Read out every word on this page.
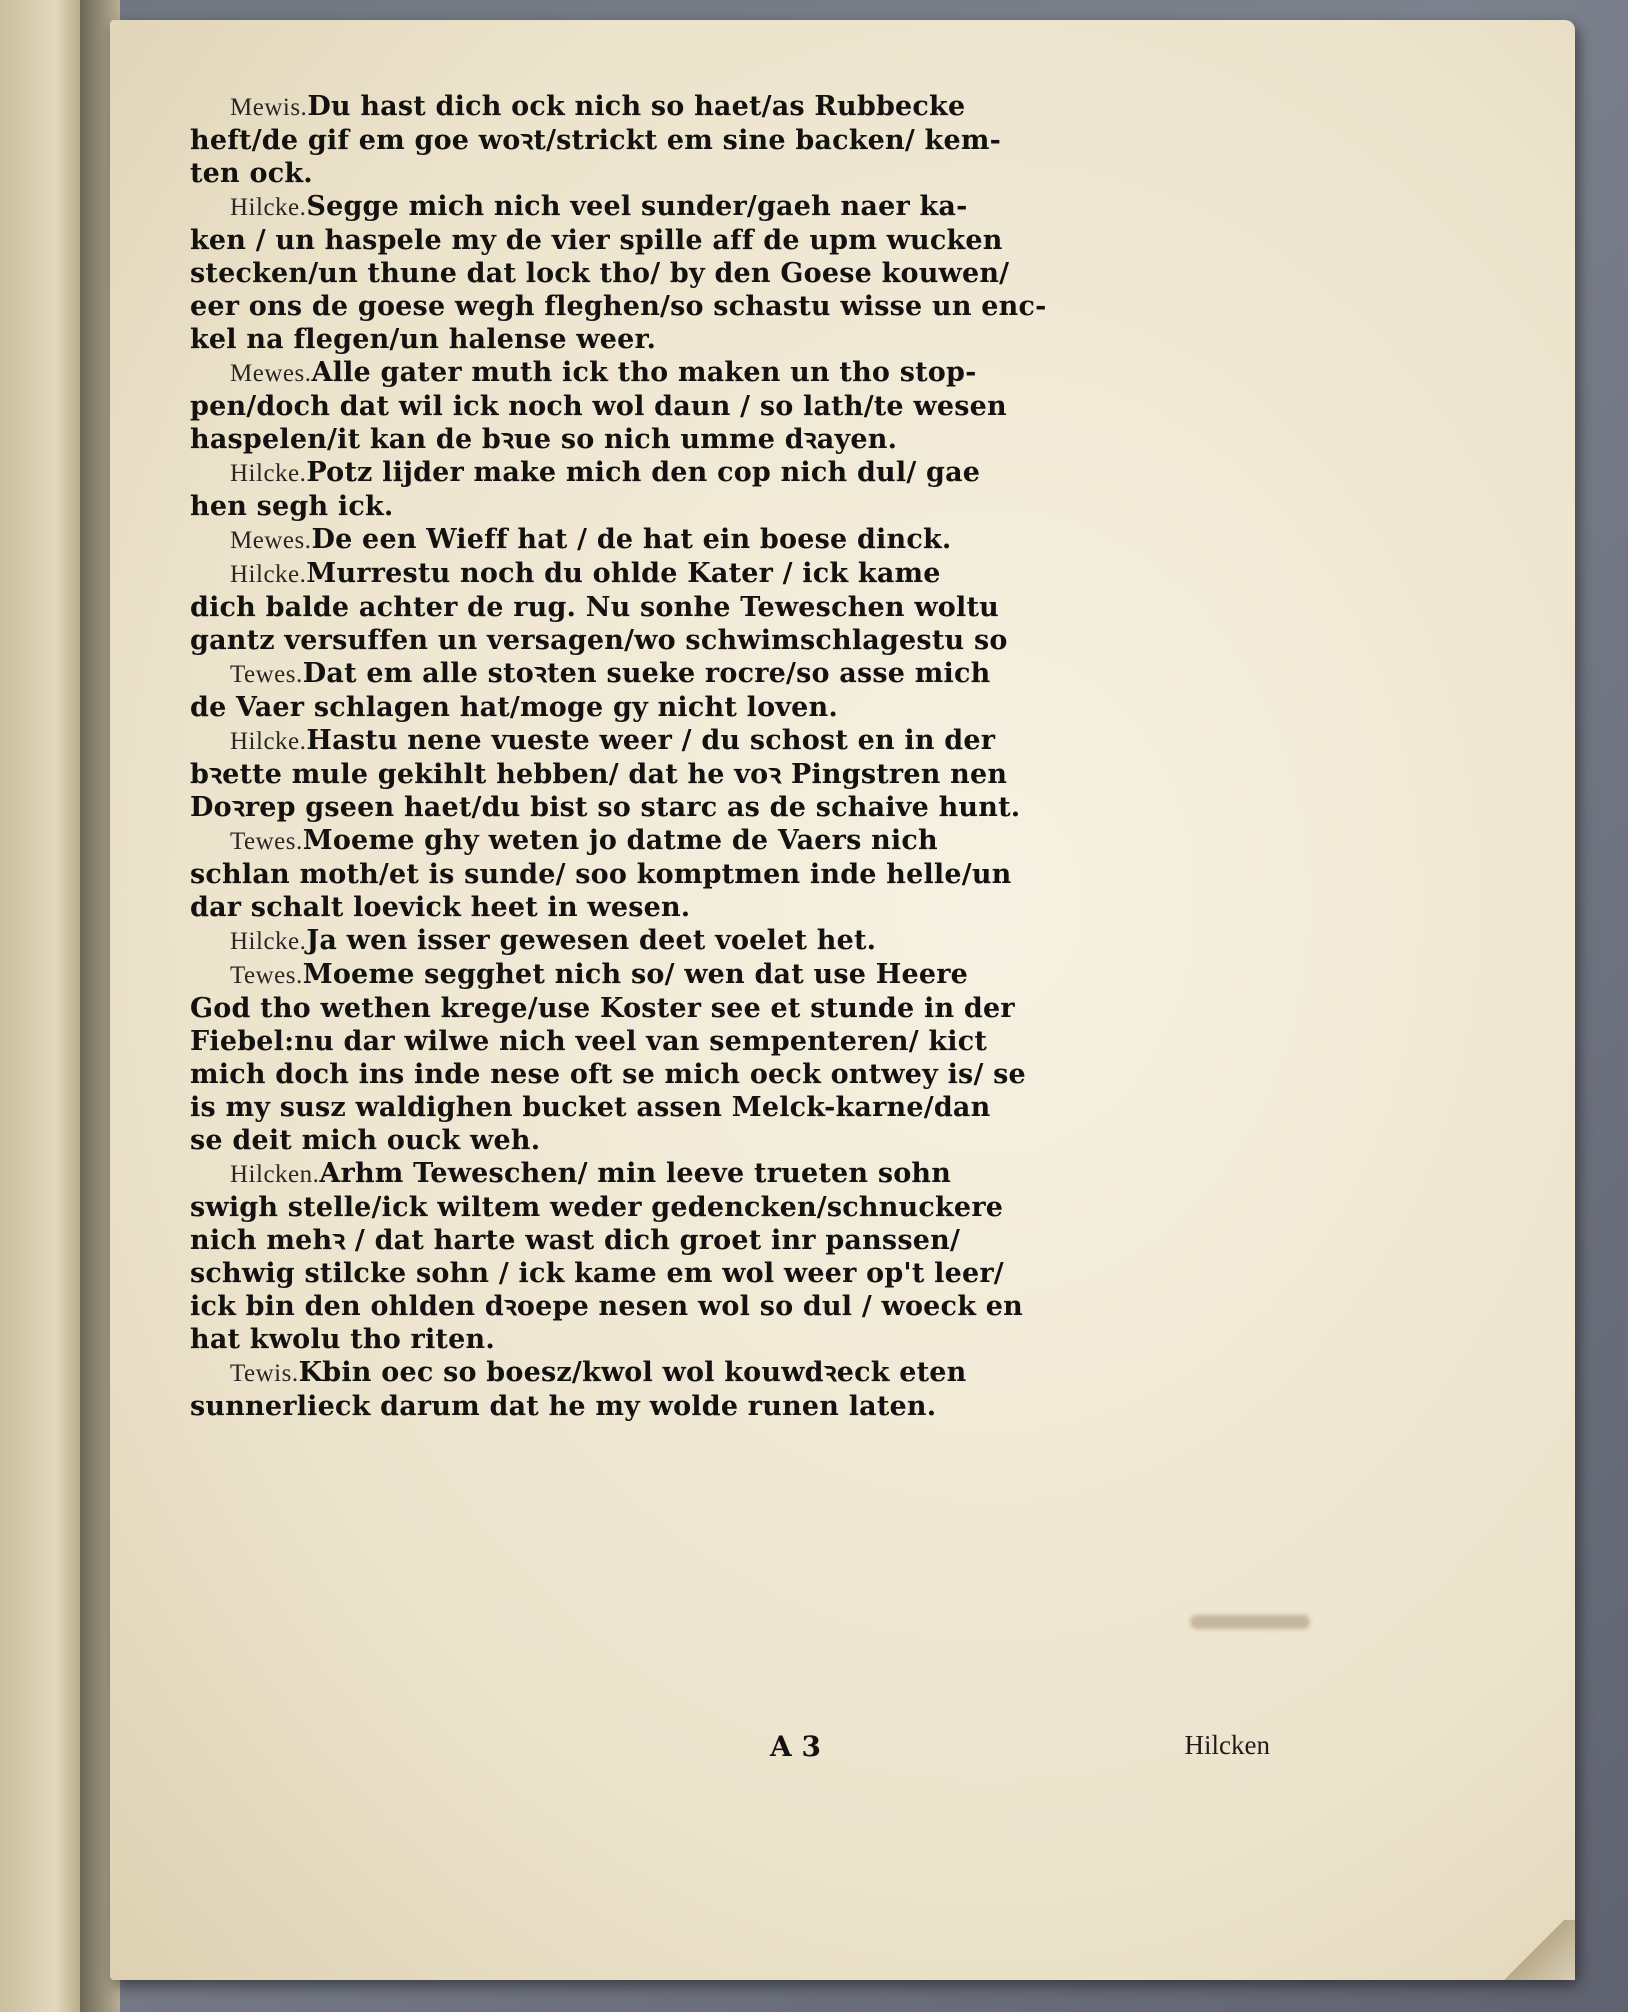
Mewis.Du hast dich ock nich so haet/as Rubbecke
heft/de gif em goe woꝛt/strickt em sine backen/ kem-
ten ock.
Hilcke.Segge mich nich veel sunder/gaeh naer ka-
ken / un haspele my de vier spille aff de upm wucken
stecken/un thune dat lock tho/ by den Goese kouwen/
eer ons de goese wegh fleghen/so schastu wisse un enc-
kel na flegen/un halense weer.
Mewes.Alle gater muth ick tho maken un tho stop-
pen/doch dat wil ick noch wol daun / so lath/te wesen
haspelen/it kan de bꝛue so nich umme dꝛayen.
Hilcke.Potz lijder make mich den cop nich dul/ gae
hen segh ick.
Mewes.De een Wieff hat / de hat ein boese dinck.
Hilcke.Murrestu noch du ohlde Kater / ick kame
dich balde achter de rug. Nu sonhe Teweschen woltu
gantz versuffen un versagen/wo schwimschlagestu so
Tewes.Dat em alle stoꝛten sueke rocre/so asse mich
de Vaer schlagen hat/moge gy nicht loven.
Hilcke.Hastu nene vueste weer / du schost en in der
bꝛette mule gekihlt hebben/ dat he voꝛ Pingstren nen
Doꝛrep gseen haet/du bist so starc as de schaive hunt.
Tewes.Moeme ghy weten jo datme de Vaers nich
schlan moth/et is sunde/ soo komptmen inde helle/un
dar schalt loevick heet in wesen.
Hilcke.Ja wen isser gewesen deet voelet het.
Tewes.Moeme segghet nich so/ wen dat use Heere
God tho wethen krege/use Koster see et stunde in der
Fiebel:nu dar wilwe nich veel van sempenteren/ kict
mich doch ins inde nese oft se mich oeck ontwey is/ se
is my susz waldighen bucket assen Melck-karne/dan
se deit mich ouck weh.
Hilcken.Arhm Teweschen/ min leeve trueten sohn
swigh stelle/ick wiltem weder gedencken/schnuckere
nich mehꝛ / dat harte wast dich groet inr panssen/
schwig stilcke sohn / ick kame em wol weer op't leer/
ick bin den ohlden dꝛoepe nesen wol so dul / woeck en
hat kwolu tho riten.
Tewis.Kbin oec so boesz/kwol wol kouwdꝛeck eten
sunnerlieck darum dat he my wolde runen laten.
A 3	Hilcken
